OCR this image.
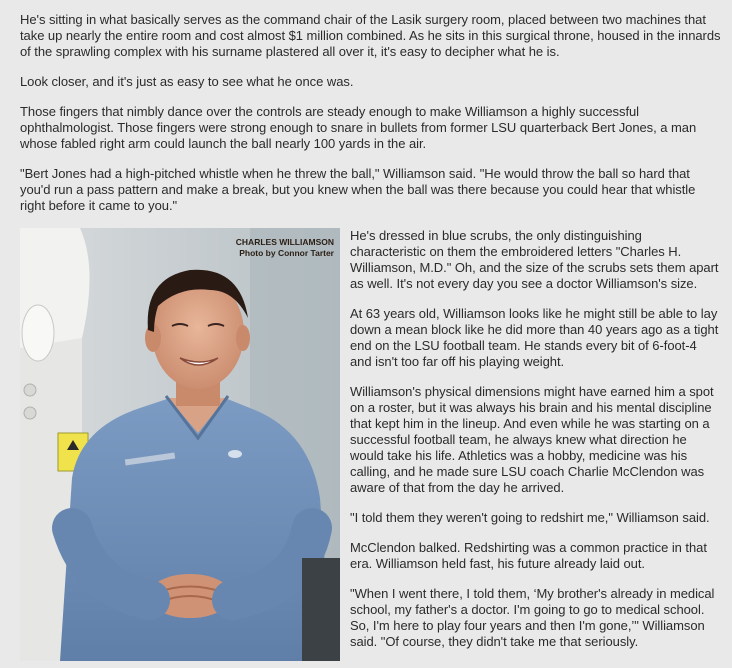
He's sitting in what basically serves as the command chair of the Lasik surgery room, placed between two machines that take up nearly the entire room and cost almost $1 million combined. As he sits in this surgical throne, housed in the innards of the sprawling complex with his surname plastered all over it, it's easy to decipher what he is.

Look closer, and it's just as easy to see what he once was.

Those fingers that nimbly dance over the controls are steady enough to make Williamson a highly successful ophthalmologist. Those fingers were strong enough to snare in bullets from former LSU quarterback Bert Jones, a man whose fabled right arm could launch the ball nearly 100 yards in the air.

"Bert Jones had a high-pitched whistle when he threw the ball," Williamson said. "He would throw the ball so hard that you'd run a pass pattern and make a break, but you knew when the ball was there because you could hear that whistle right before it came to you."

CHARLES WILLIAMSON
Photo by Connor Tarter

He's dressed in blue scrubs, the only distinguishing characteristic on them the embroidered letters "Charles H. Williamson, M.D." Oh, and the size of the scrubs sets them apart as well. It's not every day you see a doctor Williamson's size.

At 63 years old, Williamson looks like he might still be able to lay down a mean block like he did more than 40 years ago as a tight end on the LSU football team. He stands every bit of 6-foot-4 and isn't too far off his playing weight.

Williamson's physical dimensions might have earned him a spot on a roster, but it was always his brain and his mental discipline that kept him in the lineup. And even while he was starting on a successful football team, he always knew what direction he would take his life. Athletics was a hobby, medicine was his calling, and he made sure LSU coach Charlie McClendon was aware of that from the day he arrived.

"I told them they weren't going to redshirt me," Williamson said.

McClendon balked. Redshirting was a common practice in that era. Williamson held fast, his future already laid out.

"When I went there, I told them, ‘My brother's already in medical school, my father's a doctor. I'm going to go to medical school. So, I'm here to play four years and then I'm gone,’" Williamson said. "Of course, they didn't take me that seriously.
